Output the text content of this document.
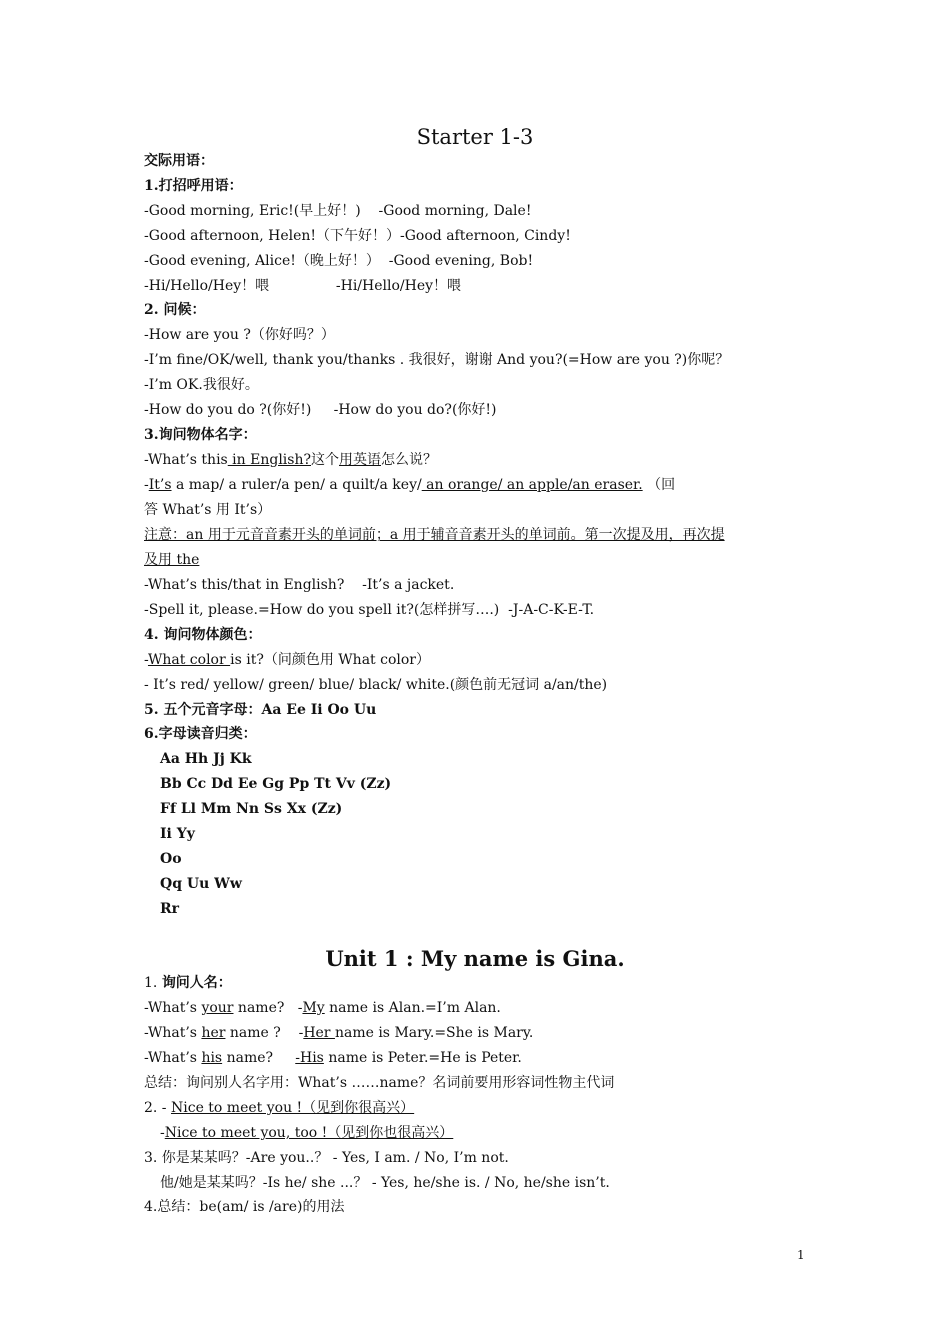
Starter 1-3
交际用语：
1.打招呼用语：
-Good morning, Eric!(早上好！)    -Good morning, Dale!
-Good afternoon, Helen!（下午好！）-Good afternoon, Cindy!
-Good evening, Alice!（晚上好！）  -Good evening, Bob!
-Hi/Hello/Hey！喂               -Hi/Hello/Hey！喂
2. 问候：
-How are you ?（你好吗？）
-I’m fine/OK/well, thank you/thanks . 我很好，谢谢 And you?(=How are you ?)你呢？
-I’m OK.我很好。
-How do you do ?(你好!)     -How do you do?(你好!)
3.询问物体名字：
-What’s this in English?这个用英语怎么说？
-It’s a map/ a ruler/a pen/ a quilt/a key/ an orange/ an apple/an eraser. （回
答 What’s 用 It’s）
注意：an 用于元音音素开头的单词前；a 用于辅音音素开头的单词前。第一次提及用，再次提
及用 the
-What’s this/that in English?    -It’s a jacket.
-Spell it, please.=How do you spell it?(怎样拼写….)  -J-A-C-K-E-T.
4. 询问物体颜色：
-What color is it?（问颜色用 What color）
- It’s red/ yellow/ green/ blue/ black/ white.(颜色前无冠词 a/an/the)
5. 五个元音字母：Aa Ee Ii Oo Uu
6.字母读音归类：
Aa Hh Jj Kk
Bb Cc Dd Ee Gg Pp Tt Vv (Zz)
Ff Ll Mm Nn Ss Xx (Zz)
Ii Yy
Oo
Qq Uu Ww
Rr
Unit 1 : My name is Gina.
1. 询问人名：
-What’s your name?   -My name is Alan.=I’m Alan.
-What’s her name ?    -Her name is Mary.=She is Mary.
-What’s his name?     -His name is Peter.=He is Peter.
总结：询问别人名字用：What’s ……name？名词前要用形容词性物主代词
2. - Nice to meet you !（见到你很高兴）
-Nice to meet you, too !（见到你也很高兴）
3. 你是某某吗？-Are you..？ - Yes, I am. / No, I’m not.
他/她是某某吗？-Is he/ she ...？ - Yes, he/she is. / No, he/she isn’t.
4.总结：be(am/ is /are)的用法
1
